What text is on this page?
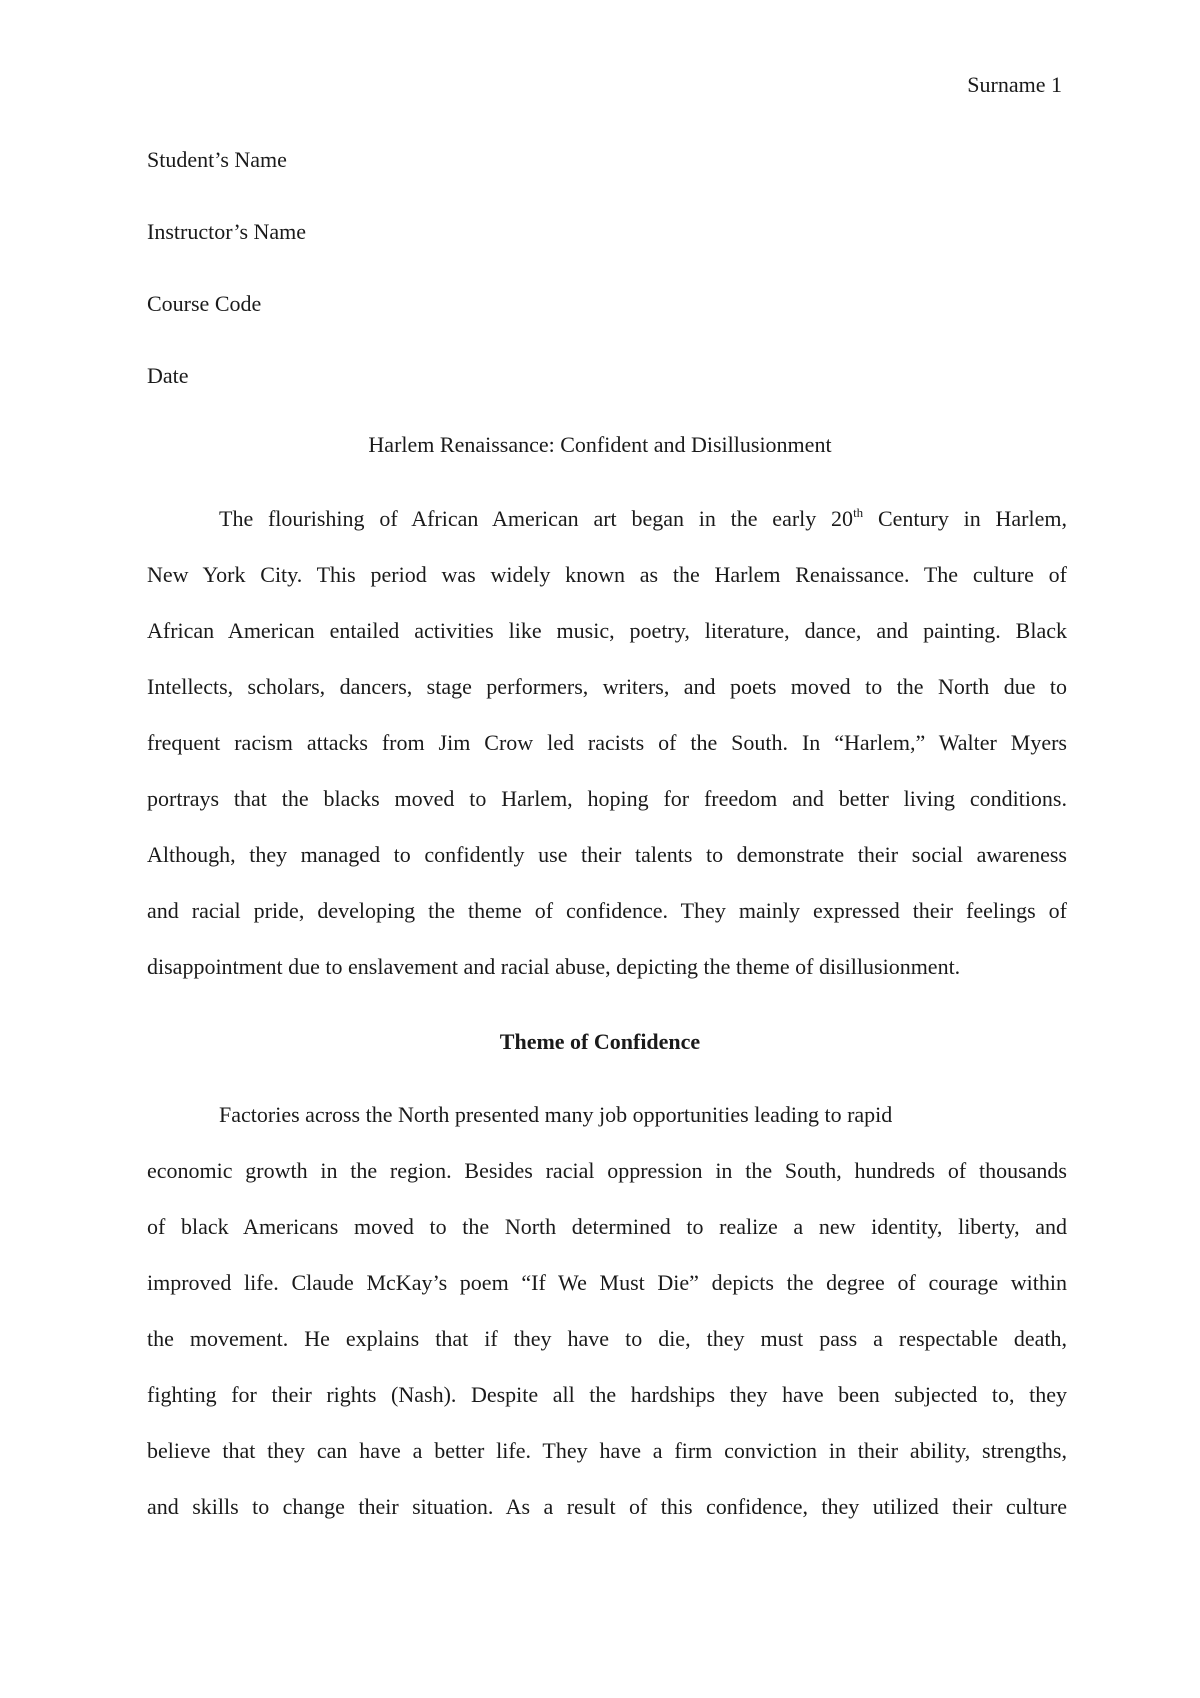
Surname 1
Student’s Name
Instructor’s Name
Course Code
Date
Harlem Renaissance: Confident and Disillusionment
The flourishing of African American art began in the early 20th Century in Harlem,
New York City. This period was widely known as the Harlem Renaissance. The culture of
African American entailed activities like music, poetry, literature, dance, and painting. Black
Intellects, scholars, dancers, stage performers, writers, and poets moved to the North due to
frequent racism attacks from Jim Crow led racists of the South. In “Harlem,” Walter Myers
portrays that the blacks moved to Harlem, hoping for freedom and better living conditions.
Although, they managed to confidently use their talents to demonstrate their social awareness
and racial pride, developing the theme of confidence. They mainly expressed their feelings of
disappointment due to enslavement and racial abuse, depicting the theme of disillusionment.
Theme of Confidence
Factories across the North presented many job opportunities leading to rapid
economic growth in the region. Besides racial oppression in the South, hundreds of thousands
of black Americans moved to the North determined to realize a new identity, liberty, and
improved life. Claude McKay’s poem “If We Must Die” depicts the degree of courage within
the movement. He explains that if they have to die, they must pass a respectable death,
fighting for their rights (Nash). Despite all the hardships they have been subjected to, they
believe that they can have a better life. They have a firm conviction in their ability, strengths,
and skills to change their situation. As a result of this confidence, they utilized their culture
